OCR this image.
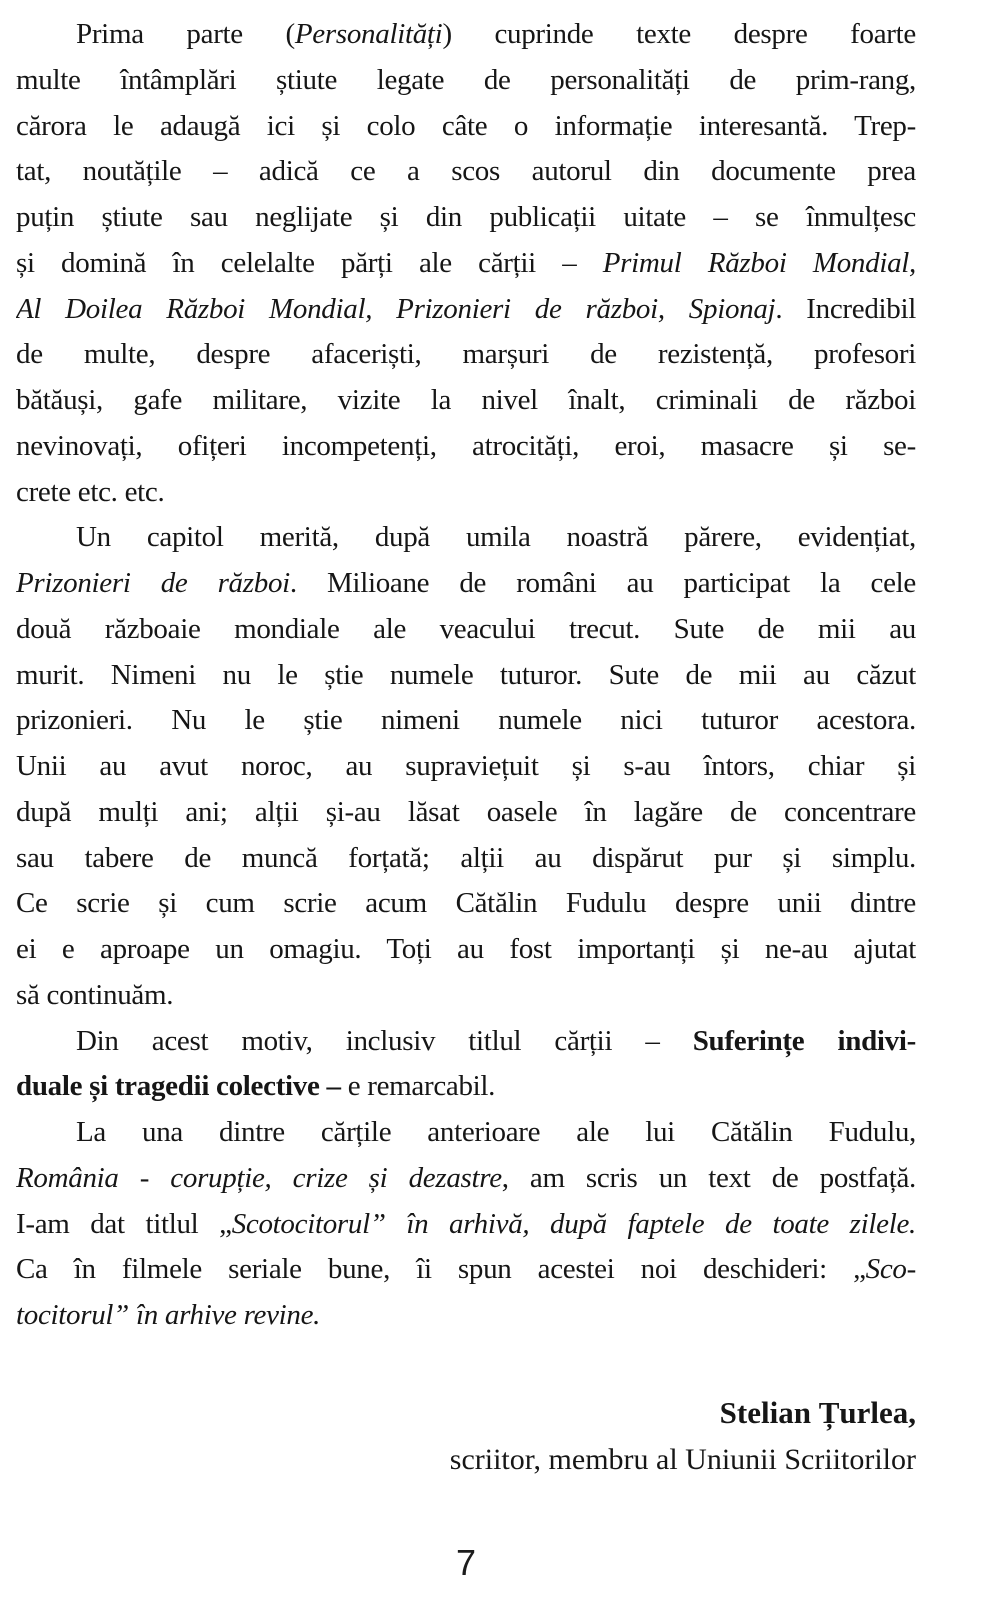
Prima parte (Personalități) cuprinde texte despre foarte
multe întâmplări știute legate de personalități de prim-rang,
cărora le adaugă ici și colo câte o informație interesantă. Trep-
tat, noutățile – adică ce a scos autorul din documente prea
puțin știute sau neglijate și din publicații uitate – se înmulțesc
și domină în celelalte părți ale cărții – Primul Război Mondial,
Al Doilea Război Mondial, Prizonieri de război, Spionaj. Incredibil
de multe, despre afaceriști, marșuri de rezistență, profesori
bătăuși, gafe militare, vizite la nivel înalt, criminali de război
nevinovați, ofițeri incompetenți, atrocități, eroi, masacre și se-
crete etc. etc.
Un capitol merită, după umila noastră părere, evidențiat,
Prizonieri de război. Milioane de români au participat la cele
două războaie mondiale ale veacului trecut. Sute de mii au
murit. Nimeni nu le știe numele tuturor. Sute de mii au căzut
prizonieri. Nu le știe nimeni numele nici tuturor acestora.
Unii au avut noroc, au supraviețuit și s-au întors, chiar și
după mulți ani; alții și-au lăsat oasele în lagăre de concentrare
sau tabere de muncă forțată; alții au dispărut pur și simplu.
Ce scrie și cum scrie acum Cătălin Fudulu despre unii dintre
ei e aproape un omagiu. Toți au fost importanți și ne-au ajutat
să continuăm.
Din acest motiv, inclusiv titlul cărții – Suferințe indivi-
duale și tragedii colective – e remarcabil.
La una dintre cărțile anterioare ale lui Cătălin Fudulu,
România - corupție, crize și dezastre, am scris un text de postfață.
I-am dat titlul „Scotocitorul” în arhivă, după faptele de toate zilele.
Ca în filmele seriale bune, îi spun acestei noi deschideri: „Sco-
tocitorul” în arhive revine.
Stelian Țurlea,
scriitor, membru al Uniunii Scriitorilor
7
